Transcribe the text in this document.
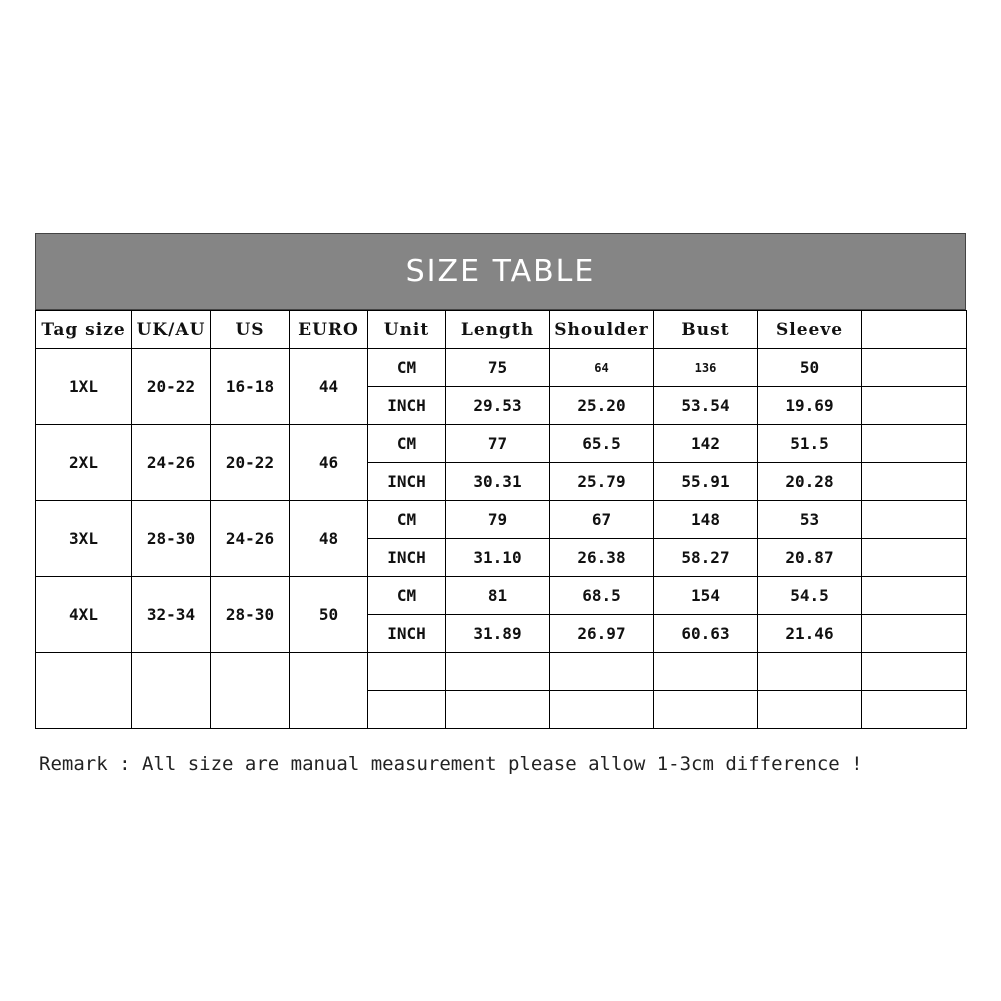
SIZE TABLE
Tag size	UK/AU	US	EURO	Unit	Length	Shoulder	Bust	Sleeve	
1XL	20-22	16-18	44	CM	75	64	136	50	
				INCH	29.53	25.20	53.54	19.69	
2XL	24-26	20-22	46	CM	77	65.5	142	51.5	
				INCH	30.31	25.79	55.91	20.28	
3XL	28-30	24-26	48	CM	79	67	148	53	
				INCH	31.10	26.38	58.27	20.87	
4XL	32-34	28-30	50	CM	81	68.5	154	54.5	
				INCH	31.89	26.97	60.63	21.46	

Remark : All size are manual measurement please allow 1-3cm difference !
